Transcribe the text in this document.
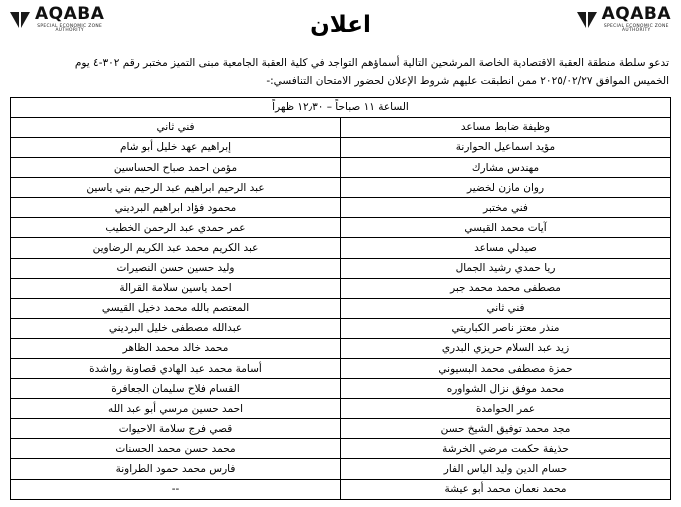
AQABA
SPECIAL ECONOMIC ZONE
AUTHORITY
اعلان
AQABA
SPECIAL ECONOMIC ZONE
AUTHORITY
تدعو سلطة منطقة العقبة الاقتصادية الخاصة المرشحين التالية أسماؤهم التواجد في كلية العقبة الجامعية مبنى التميز مختبر رقم ٣٠٢-٤ يوم
الخميس الموافق ٢٠٢٥/٠٢/٢٧ ممن انطبقت عليهم شروط الإعلان لحضور الامتحان التنافسي:-
الساعة ١١ صباحاً – ١٢٫٣٠ ظهراً	
وظيفة ضابط مساعد	فني ثاني
مؤيد اسماعيل الحوارنة	إبراهيم عهد خليل أبو شام
مهندس مشارك	مؤمن احمد صباح الحساسين
روان مازن لخضير	عبد الرحيم ابراهيم عبد الرحيم بني ياسين
فني مختبر	محمود فؤاد ابراهيم البرديني
آيات محمد القيسي	عمر حمدي عبد الرحمن الخطيب
صيدلي مساعد	عبد الكريم محمد عبد الكريم الرضاوين
ريا حمدي رشيد الجمال	وليد حسين حسن النصيرات
مصطفى محمد محمد جبر	احمد ياسين سلامة القرالة
فني ثاني	المعتصم بالله محمد دخيل القيسي
منذر معتز ناصر الكباريتي	عبدالله مصطفى خليل البرديني
زيد عبد السلام حريزي البدري	محمد خالد محمد الظاهر
حمزة مصطفى محمد البسيوني	أسامة محمد عبد الهادي قصاونة رواشدة
محمد موفق نزال الشواوره	القسام فلاح سليمان الجعافرة
عمر الحوامدة	احمد حسين مرسي أبو عبد الله
مجد محمد توفيق الشيخ حسن	قصي فرج سلامة الاحيوات
حذيفة حكمت مرضي الخرشة	محمد حسن محمد الحسنات
حسام الدين وليد الياس الفار	فارس محمد حمود الطراونة
محمد نعمان محمد أبو عيشة	--
